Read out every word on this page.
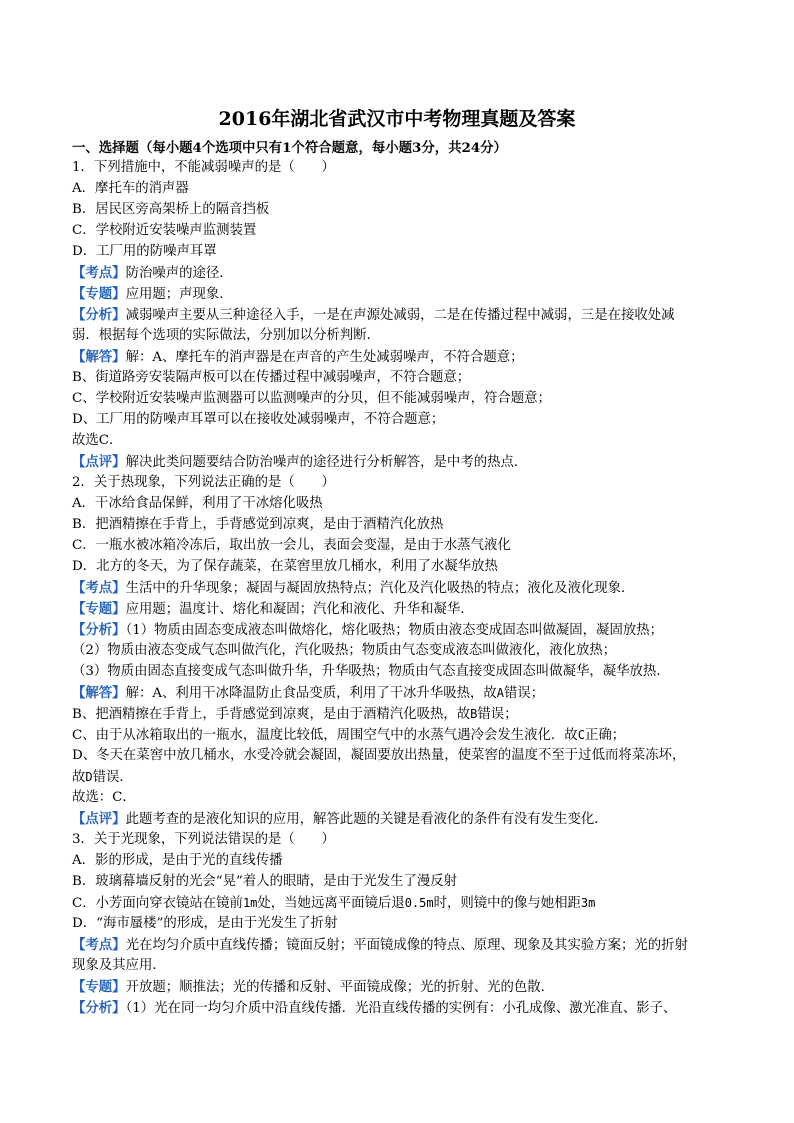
2016年湖北省武汉市中考物理真题及答案
一、选择题（每小题4个选项中只有1个符合题意，每小题3分，共24分）
1．下列措施中，不能减弱噪声的是（　　）
A．摩托车的消声器
B．居民区旁高架桥上的隔音挡板
C．学校附近安装噪声监测装置
D．工厂用的防噪声耳罩
【考点】防治噪声的途径．
【专题】应用题；声现象．
【分析】减弱噪声主要从三种途径入手，一是在声源处减弱，二是在传播过程中减弱，三是在接收处减
弱．根据每个选项的实际做法，分别加以分析判断．
【解答】解：A、摩托车的消声器是在声音的产生处减弱噪声，不符合题意；
B、街道路旁安装隔声板可以在传播过程中减弱噪声，不符合题意；
C、学校附近安装噪声监测器可以监测噪声的分贝，但不能减弱噪声，符合题意；
D、工厂用的防噪声耳罩可以在接收处减弱噪声，不符合题意；
故选C．
【点评】解决此类问题要结合防治噪声的途径进行分析解答，是中考的热点．
2．关于热现象，下列说法正确的是（　　）
A．干冰给食品保鲜，利用了干冰熔化吸热
B．把酒精擦在手背上，手背感觉到凉爽，是由于酒精汽化放热
C．一瓶水被冰箱冷冻后，取出放一会儿，表面会变湿，是由于水蒸气液化
D．北方的冬天，为了保存蔬菜，在菜窖里放几桶水，利用了水凝华放热
【考点】生活中的升华现象；凝固与凝固放热特点；汽化及汽化吸热的特点；液化及液化现象．
【专题】应用题；温度计、熔化和凝固；汽化和液化、升华和凝华．
【分析】（1）物质由固态变成液态叫做熔化，熔化吸热；物质由液态变成固态叫做凝固，凝固放热；
（2）物质由液态变成气态叫做汽化，汽化吸热；物质由气态变成液态叫做液化，液化放热；
（3）物质由固态直接变成气态叫做升华，升华吸热；物质由气态直接变成固态叫做凝华，凝华放热．
【解答】解：A、利用干冰降温防止食品变质，利用了干冰升华吸热，故A错误；
B、把酒精擦在手背上，手背感觉到凉爽，是由于酒精汽化吸热，故B错误；
C、由于从冰箱取出的一瓶水，温度比较低，周围空气中的水蒸气遇冷会发生液化．故C正确；
D、冬天在菜窖中放几桶水，水受冷就会凝固，凝固要放出热量，使菜窖的温度不至于过低而将菜冻坏，
故D错误．
故选：C．
【点评】此题考查的是液化知识的应用，解答此题的关键是看液化的条件有没有发生变化．
3．关于光现象，下列说法错误的是（　　）
A．影的形成，是由于光的直线传播
B．玻璃幕墙反射的光会“晃”着人的眼睛，是由于光发生了漫反射
C．小芳面向穿衣镜站在镜前1m处，当她远离平面镜后退0.5m时，则镜中的像与她相距3m
D．“海市蜃楼”的形成，是由于光发生了折射
【考点】光在均匀介质中直线传播；镜面反射；平面镜成像的特点、原理、现象及其实验方案；光的折射
现象及其应用．
【专题】开放题；顺推法；光的传播和反射、平面镜成像；光的折射、光的色散．
【分析】（1）光在同一均匀介质中沿直线传播．光沿直线传播的实例有：小孔成像、激光准直、影子、
